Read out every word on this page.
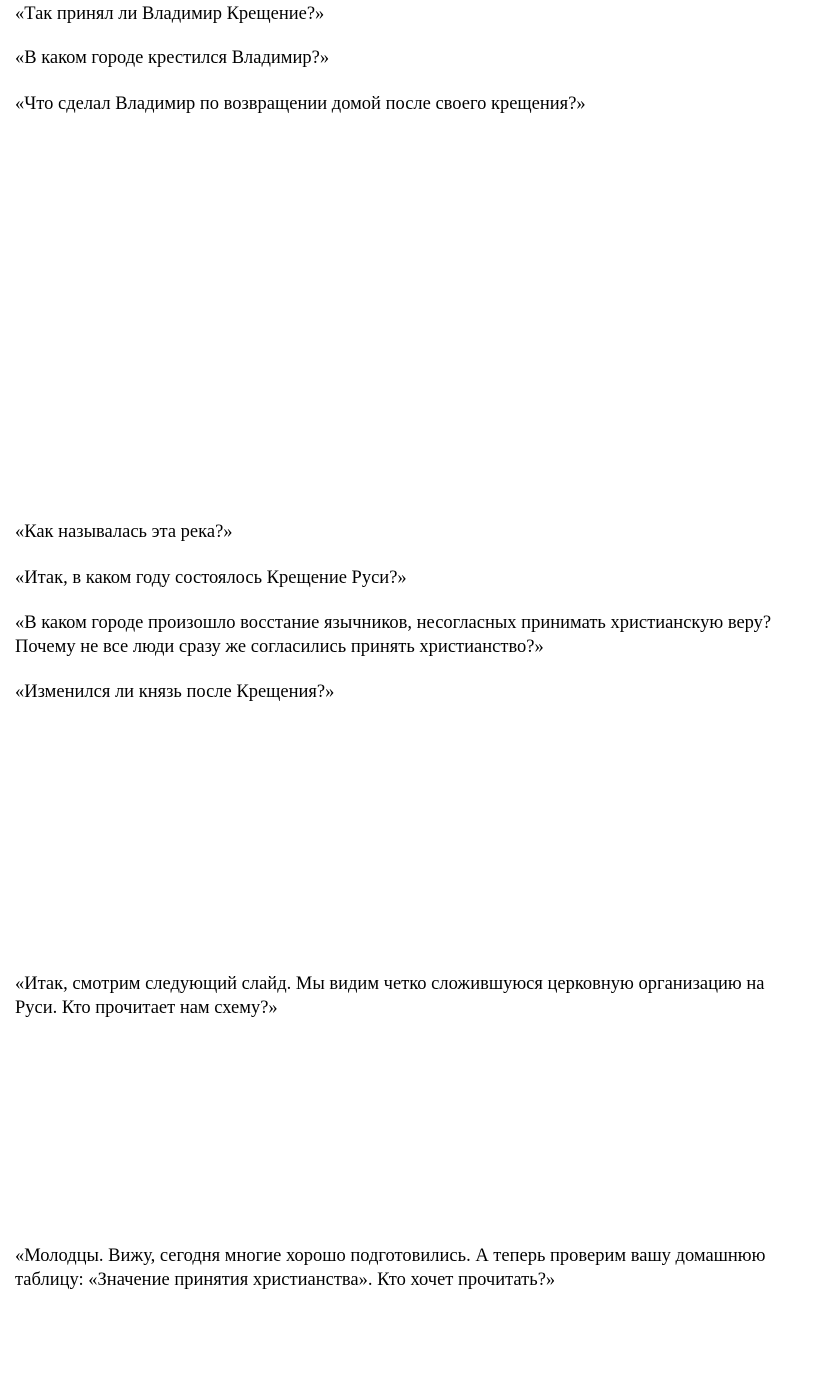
«Так принял ли Владимир Крещение?»

«В каком городе крестился Владимир?»

«Что сделал Владимир по возвращении домой после своего крещения?»

«Как называлась эта река?»

«Итак, в каком году состоялось Крещение Руси?»

«В каком городе произошло восстание язычников, несогласных принимать христианскую веру? Почему не все люди сразу же согласились принять христианство?»

«Изменился ли князь после Крещения?»

«Итак, смотрим следующий слайд. Мы видим четко сложившуюся церковную организацию на Руси. Кто прочитает нам схему?»

«Молодцы. Вижу, сегодня многие хорошо подготовились. А теперь проверим вашу домашнюю таблицу: «Значение принятия христианства». Кто хочет прочитать?»
